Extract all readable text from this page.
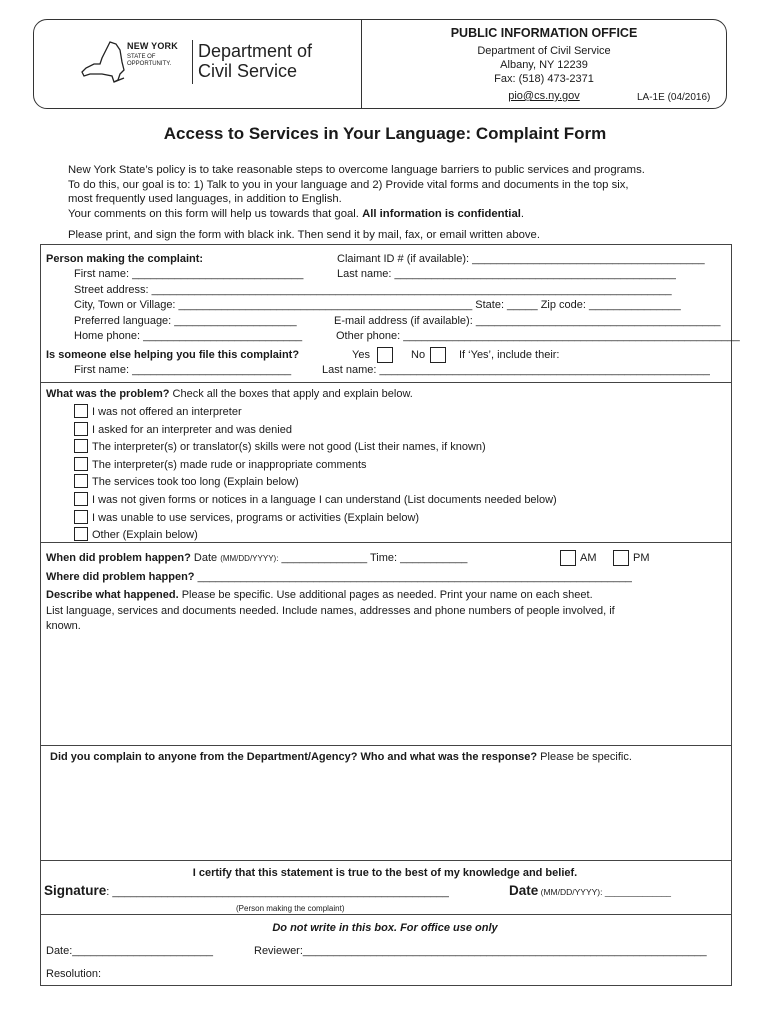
NEW YORK
STATE OF
OPPORTUNITY.
Department of
Civil Service
PUBLIC INFORMATION OFFICE
Department of Civil Service
Albany, NY 12239
Fax: (518) 473-2371
pio@cs.ny.gov	LA-1E (04/2016)
Access to Services in Your Language: Complaint Form

New York State’s policy is to take reasonable steps to overcome language barriers to public services and programs.

To do this, our goal is to: 1) Talk to you in your language and 2) Provide vital forms and documents in the top six,

most frequently used languages, in addition to English.

Your comments on this form will help us towards that goal. All information is confidential.

Please print, and sign the form with black ink. Then send it by mail, fax, or email written above.
Person making the complaint:	Claimant ID # (if available): ______________________________________
First name: ____________________________	Last name: ______________________________________________
Street address: _____________________________________________________________________________________
City, Town or Village: ________________________________________________ State: _____ Zip code: _______________
Preferred language: ____________________	E-mail address (if available): ________________________________________
Home phone: __________________________	Other phone: _______________________________________________________
Is someone else helping you file this complaint?	Yes	No	If ‘Yes’, include their:
First name: __________________________	Last name: ______________________________________________________
What was the problem? Check all the boxes that apply and explain below.
I was not offered an interpreter
I asked for an interpreter and was denied
The interpreter(s) or translator(s) skills were not good (List their names, if known)
The interpreter(s) made rude or inappropriate comments
The services took too long (Explain below)
I was not given forms or notices in a language I can understand (List documents needed below)
I was unable to use services, programs or activities (Explain below)
Other (Explain below)
When did problem happen? Date (MM/DD/YYYY): ______________ Time: ___________	AM	PM
Where did problem happen? _______________________________________________________________________
Describe what happened. Please be specific. Use additional pages as needed. Print your name on each sheet.
List language, services and documents needed. Include names, addresses and phone numbers of people involved, if
known.
Did you complain to anyone from the Department/Agency? Who and what was the response? Please be specific.
I certify that this statement is true to the best of my knowledge and belief.
Signature: _______________________________________________________	Date (MM/DD/YYYY): ______________
(Person making the complaint)
Do not write in this box. For office use only
Date:_______________________	Reviewer:__________________________________________________________________
Resolution:
